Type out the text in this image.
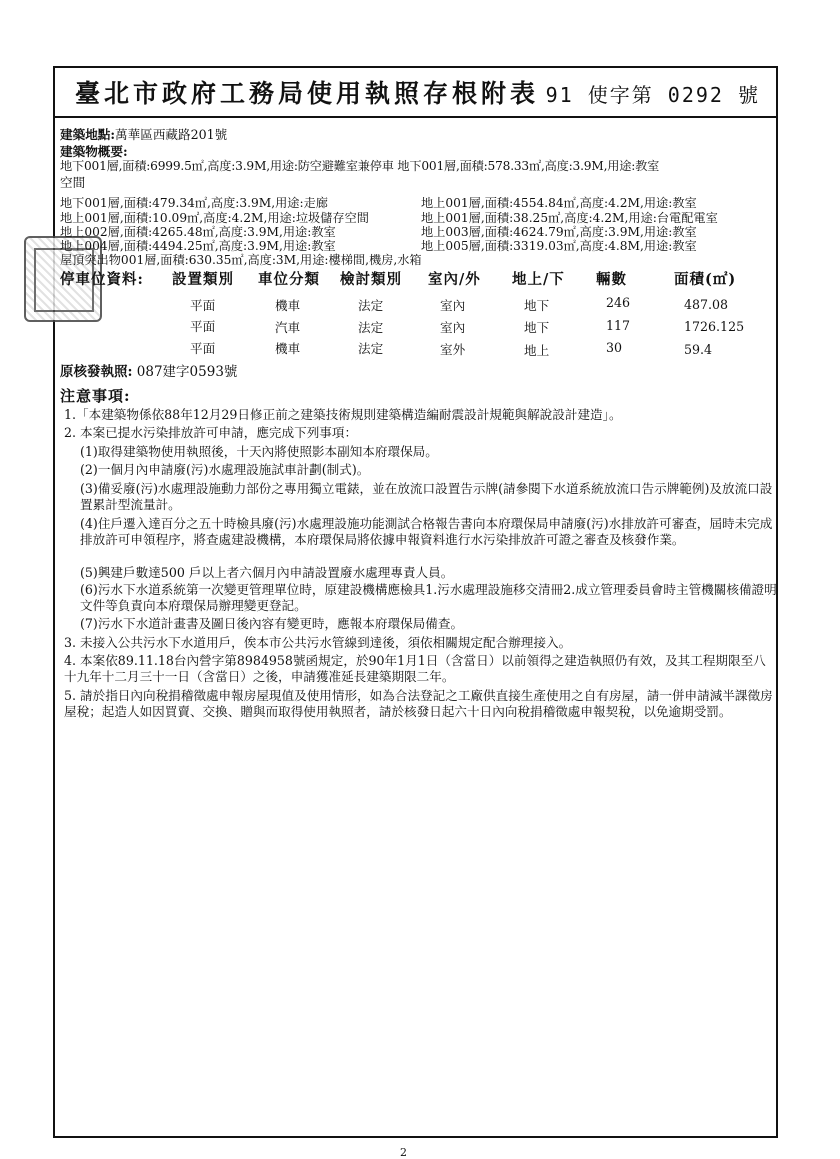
臺北市政府工務局使用執照存根附表 91 使字第 0292 號
建築地點:萬華區西藏路201號
建築物概要:
地下001層,面積:6999.5㎡,高度:3.9M,用途:防空避難室兼停車 地下001層,面積:578.33㎡,高度:3.9M,用途:教室
空間
地下001層,面積:479.34㎡,高度:3.9M,用途:走廊
地上001層,面積:10.09㎡,高度:4.2M,用途:垃圾儲存空間
地上002層,面積:4265.48㎡,高度:3.9M,用途:教室
地上004層,面積:4494.25㎡,高度:3.9M,用途:教室
屋頂突出物001層,面積:630.35㎡,高度:3M,用途:樓梯間,機房,水箱
地上001層,面積:4554.84㎡,高度:4.2M,用途:教室
地上001層,面積:38.25㎡,高度:4.2M,用途:台電配電室
地上003層,面積:4624.79㎡,高度:3.9M,用途:教室
地上005層,面積:3319.03㎡,高度:4.8M,用途:教室
停車位資料: 設置類別 車位分類 檢討類別 室內/外 地上/下 輛數	面積(㎡)
平面	機車	法定	室內	地下	246	487.08
平面	汽車	法定	室內	地下	117	1726.125
平面	機車	法定	室外	地上	30	59.4
原核發執照: 087建字0593號
注意事項:
1.「本建築物係依88年12月29日修正前之建築技術規則建築構造編耐震設計規範與解說設計建造」。
2. 本案已提水污染排放許可申請，應完成下列事項：
(1)取得建築物使用執照後，十天內將使照影本副知本府環保局。
(2)一個月內申請廢(污)水處理設施試車計劃(制式)。
(3)備妥廢(污)水處理設施動力部份之專用獨立電錶，並在放流口設置告示牌(請參閱下水道系統放流口告示牌範例)及放流口設置累計型流量計。
(4)住戶遷入達百分之五十時檢具廢(污)水處理設施功能測試合格報告書向本府環保局申請廢(污)水排放許可審查，屆時未完成排放許可申領程序，將查處建設機構，本府環保局將依據申報資料進行水污染排放許可證之審查及核發作業。
(5)興建戶數達500 戶以上者六個月內申請設置廢水處理專責人員。
(6)污水下水道系統第一次變更管理單位時，原建設機構應檢具1.污水處理設施移交清冊2.成立管理委員會時主管機關核備證明文件等負責向本府環保局辦理變更登記。
(7)污水下水道計畫書及圖日後內容有變更時，應報本府環保局備查。
3. 未接入公共污水下水道用戶，俟本市公共污水管線到達後，須依相關規定配合辦理接入。
4. 本案依89.11.18台內營字第8984958號函規定，於90年1月1日（含當日）以前領得之建造執照仍有效，及其工程期限至八十九年十二月三十一日（含當日）之後，申請獲准延長建築期限二年。
5. 請於指日內向稅捐稽徵處申報房屋現值及使用情形，如為合法登記之工廠供直接生產使用之自有房屋，請一併申請減半課徵房屋稅；起造人如因買賣、交換、贈與而取得使用執照者，請於核發日起六十日內向稅捐稽徵處申報契稅，以免逾期受罰。
2
